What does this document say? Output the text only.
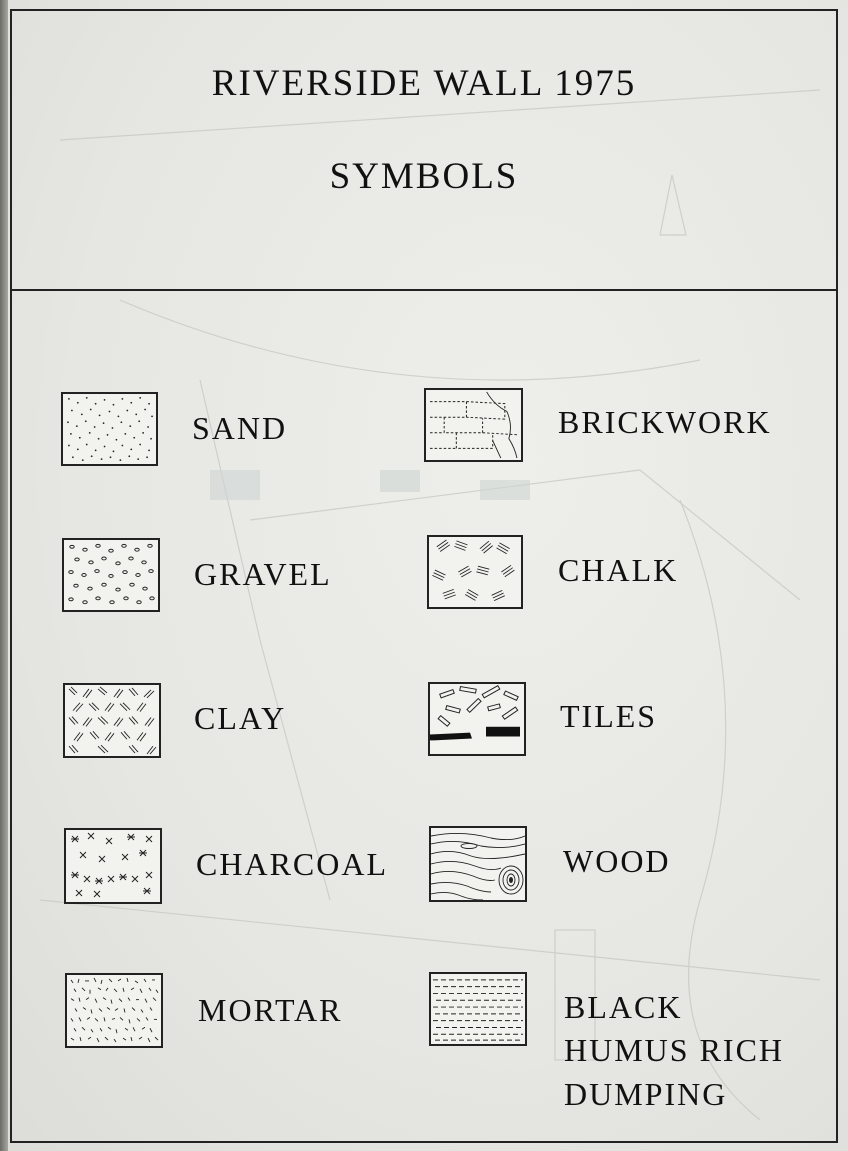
RIVERSIDE WALL 1975

SYMBOLS

SAND

GRAVEL

CLAY

CHARCOAL

MORTAR

BRICKWORK

CHALK

TILES

WOOD

BLACK

HUMUS RICH

DUMPING
